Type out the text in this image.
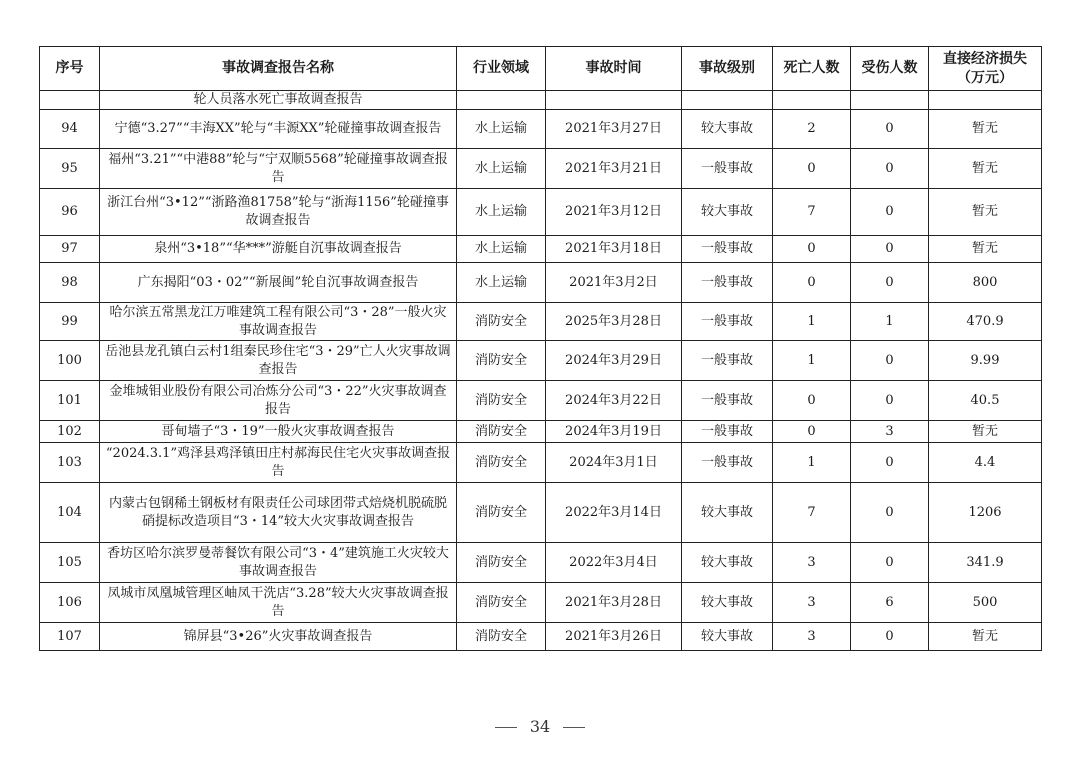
序号	事故调查报告名称	行业领域	事故时间	事故级别	死亡人数	受伤人数	直接经济损失（万元）
	轮人员落水死亡事故调查报告						
94	宁德“3.27”“丰海XX”轮与“丰源XX”轮碰撞事故调查报告	水上运输	2021年3月27日	较大事故	2	0	暂无
95	福州“3.21”“中港88”轮与“宁双顺5568”轮碰撞事故调查报告	水上运输	2021年3月21日	一般事故	0	0	暂无
96	浙江台州“3•12”“浙路渔81758”轮与“浙海1156”轮碰撞事故调查报告	水上运输	2021年3月12日	较大事故	7	0	暂无
97	泉州“3•18”“华***”游艇自沉事故调查报告	水上运输	2021年3月18日	一般事故	0	0	暂无
98	广东揭阳“03・02”“新展闽”轮自沉事故调查报告	水上运输	2021年3月2日	一般事故	0	0	800
99	哈尔滨五常黑龙江万唯建筑工程有限公司“3・28”一般火灾事故调查报告	消防安全	2025年3月28日	一般事故	1	1	470.9
100	岳池县龙孔镇白云村1组秦民珍住宅“3・29”亡人火灾事故调查报告	消防安全	2024年3月29日	一般事故	1	0	9.99
101	金堆城钼业股份有限公司冶炼分公司“3・22”火灾事故调查报告	消防安全	2024年3月22日	一般事故	0	0	40.5
102	哥甸墙子“3・19”一般火灾事故调查报告	消防安全	2024年3月19日	一般事故	0	3	暂无
103	“2024.3.1”鸡泽县鸡泽镇田庄村郝海民住宅火灾事故调查报告	消防安全	2024年3月1日	一般事故	1	0	4.4
104	内蒙古包钢稀土钢板材有限责任公司球团带式焙烧机脱硫脱硝提标改造项目“3・14”较大火灾事故调查报告	消防安全	2022年3月14日	较大事故	7	0	1206
105	香坊区哈尔滨罗曼蒂餐饮有限公司“3・4”建筑施工火灾较大事故调查报告	消防安全	2022年3月4日	较大事故	3	0	341.9
106	凤城市凤凰城管理区岫凤干洗店“3.28”较大火灾事故调查报告	消防安全	2021年3月28日	较大事故	3	6	500
107	锦屏县“3•26”火灾事故调查报告	消防安全	2021年3月26日	较大事故	3	0	暂无
34
